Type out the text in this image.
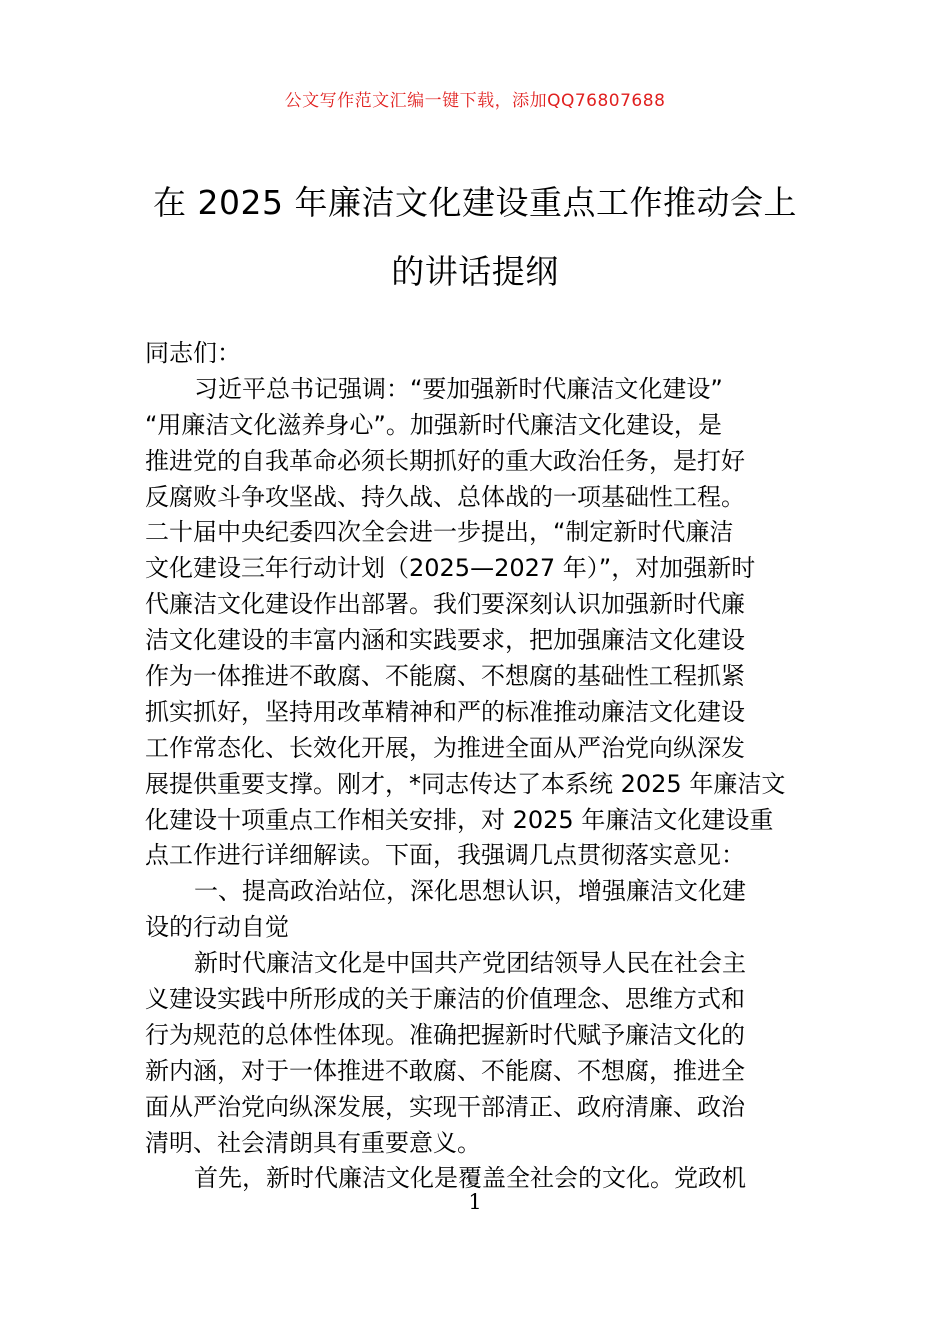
公文写作范文汇编一键下载，添加QQ76807688
在 2025 年廉洁文化建设重点工作推动会上
的讲话提纲
同志们：
习近平总书记强调：“要加强新时代廉洁文化建设”
“用廉洁文化滋养身心”。加强新时代廉洁文化建设，是
推进党的自我革命必须长期抓好的重大政治任务，是打好
反腐败斗争攻坚战、持久战、总体战的一项基础性工程。
二十届中央纪委四次全会进一步提出，“制定新时代廉洁
文化建设三年行动计划（2025—2027 年）”，对加强新时
代廉洁文化建设作出部署。我们要深刻认识加强新时代廉
洁文化建设的丰富内涵和实践要求，把加强廉洁文化建设
作为一体推进不敢腐、不能腐、不想腐的基础性工程抓紧
抓实抓好，坚持用改革精神和严的标准推动廉洁文化建设
工作常态化、长效化开展，为推进全面从严治党向纵深发
展提供重要支撑。刚才，*同志传达了本系统 2025 年廉洁文
化建设十项重点工作相关安排，对 2025 年廉洁文化建设重
点工作进行详细解读。下面，我强调几点贯彻落实意见：
一、提高政治站位，深化思想认识，增强廉洁文化建
设的行动自觉
新时代廉洁文化是中国共产党团结领导人民在社会主
义建设实践中所形成的关于廉洁的价值理念、思维方式和
行为规范的总体性体现。准确把握新时代赋予廉洁文化的
新内涵，对于一体推进不敢腐、不能腐、不想腐，推进全
面从严治党向纵深发展，实现干部清正、政府清廉、政治
清明、社会清朗具有重要意义。
首先，新时代廉洁文化是覆盖全社会的文化。党政机
1
